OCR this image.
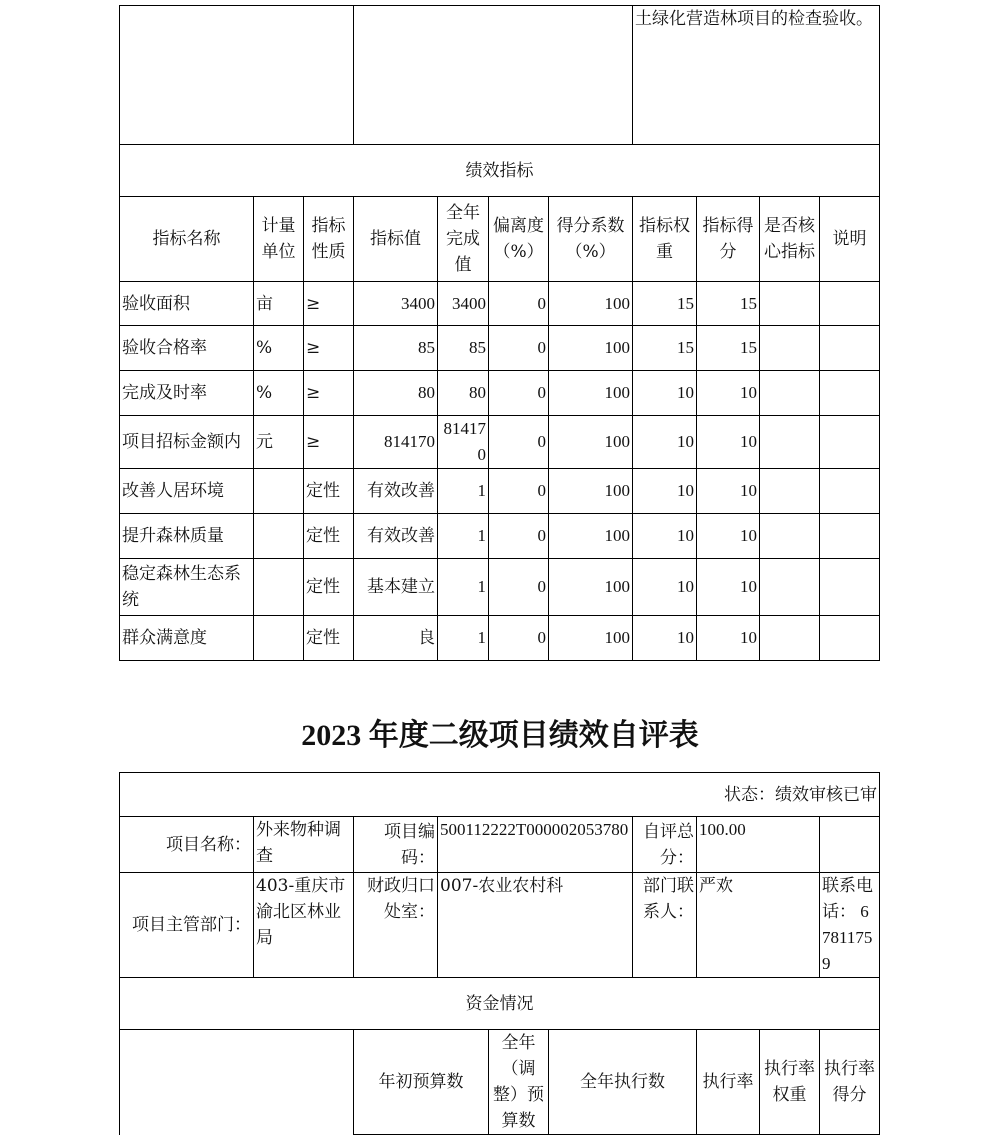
							土绿化营造林项目的检查验收。			
绩效指标										
指标名称	计量单位	指标性质	指标值	全年完成值	偏离度（%）	得分系数（%）	指标权重	指标得分	是否核心指标	说明
验收面积	亩	≥	3400	3400	0	100	15	15		
验收合格率	%	≥	85	85	0	100	15	15		
完成及时率	%	≥	80	80	0	100	10	10		
项目招标金额内	元	≥	814170	814170	0	100	10	10		
改善人居环境		定性	有效改善	1	0	100	10	10		
提升森林质量		定性	有效改善	1	0	100	10	10		
稳定森林生态系统		定性	基本建立	1	0	100	10	10		
群众满意度		定性	良	1	0	100	10	10		
2023 年度二级项目绩效自评表
状态：绩效审核已审									
项目名称：	外来物种调查	项目编码：	500112222T000002053780			自评总分：	100.00		
项目主管部门：	403-重庆市渝北区林业局	财政归口处室：	007-农业农村科			部门联系人：	严欢		联系电话： 67811759
资金情况									
		年初预算数		全年（调整）预算数	全年执行数		执行率	执行率权重	执行率得分
